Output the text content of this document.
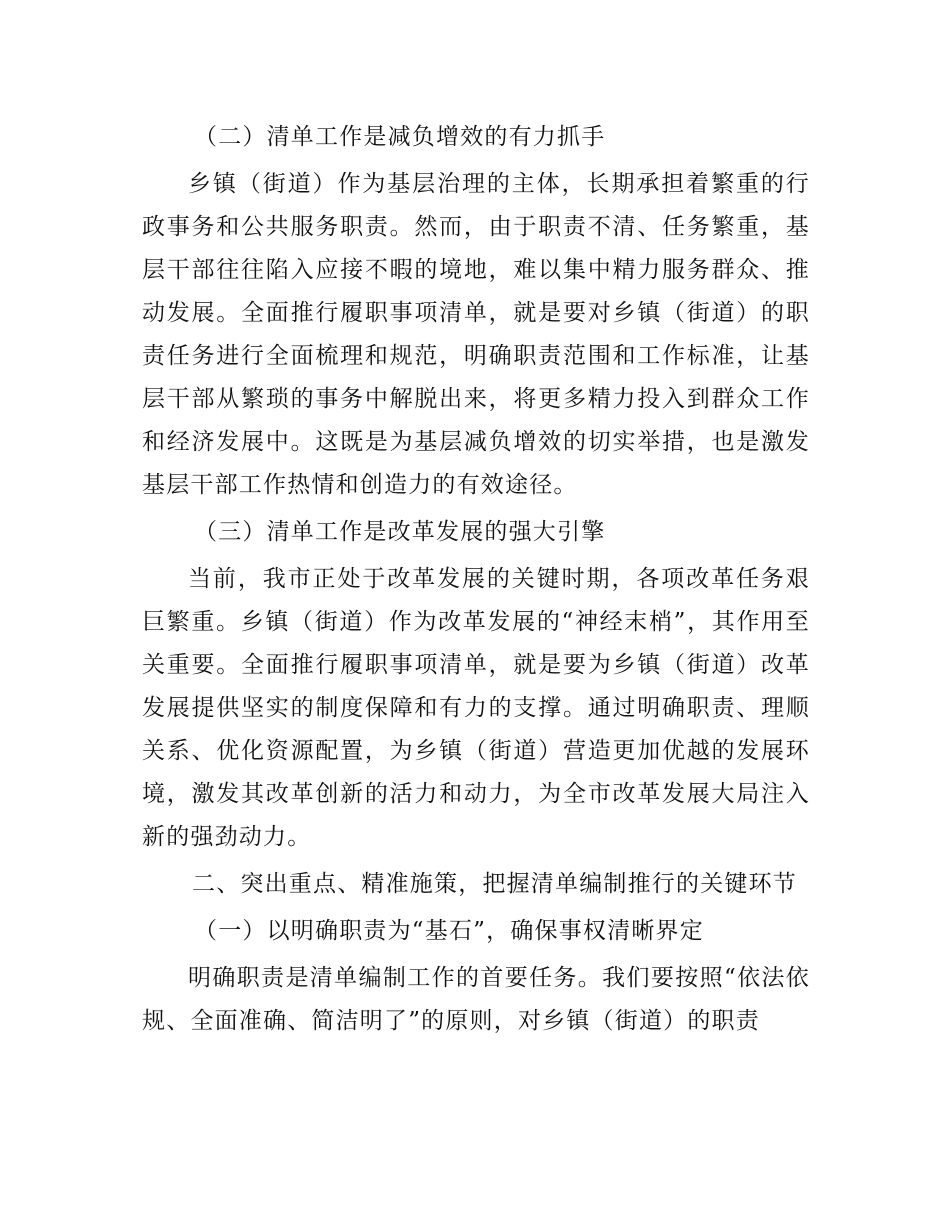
（二）清单工作是减负增效的有力抓手

乡镇（街道）作为基层治理的主体，长期承担着繁重的行政事务和公共服务职责。然而，由于职责不清、任务繁重，基层干部往往陷入应接不暇的境地，难以集中精力服务群众、推动发展。全面推行履职事项清单，就是要对乡镇（街道）的职责任务进行全面梳理和规范，明确职责范围和工作标准，让基层干部从繁琐的事务中解脱出来，将更多精力投入到群众工作和经济发展中。这既是为基层减负增效的切实举措，也是激发基层干部工作热情和创造力的有效途径。

（三）清单工作是改革发展的强大引擎

当前，我市正处于改革发展的关键时期，各项改革任务艰巨繁重。乡镇（街道）作为改革发展的“神经末梢”，其作用至关重要。全面推行履职事项清单，就是要为乡镇（街道）改革发展提供坚实的制度保障和有力的支撑。通过明确职责、理顺关系、优化资源配置，为乡镇（街道）营造更加优越的发展环境，激发其改革创新的活力和动力，为全市改革发展大局注入新的强劲动力。

二、突出重点、精准施策，把握清单编制推行的关键环节
（一）以明确职责为“基石”，确保事权清晰界定

明确职责是清单编制工作的首要任务。我们要按照“依法依规、全面准确、简洁明了”的原则，对乡镇（街道）的职责
